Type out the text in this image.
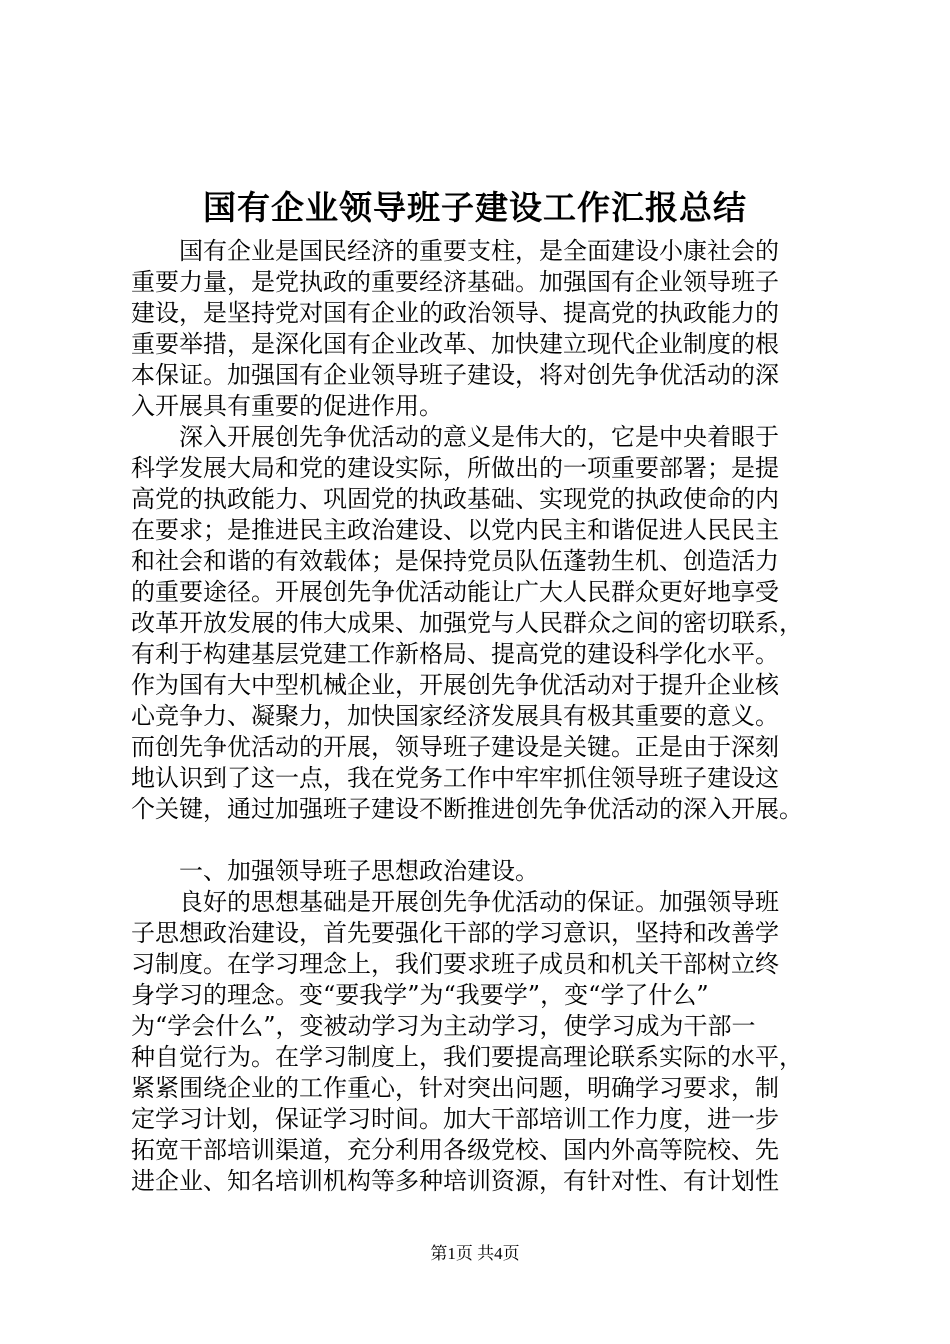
国有企业领导班子建设工作汇报总结

　　国有企业是国民经济的重要支柱，是全面建设小康社会的

重要力量，是党执政的重要经济基础。加强国有企业领导班子

建设，是坚持党对国有企业的政治领导、提高党的执政能力的

重要举措，是深化国有企业改革、加快建立现代企业制度的根

本保证。加强国有企业领导班子建设，将对创先争优活动的深

入开展具有重要的促进作用。

　　深入开展创先争优活动的意义是伟大的，它是中央着眼于

科学发展大局和党的建设实际，所做出的一项重要部署；是提

高党的执政能力、巩固党的执政基础、实现党的执政使命的内

在要求；是推进民主政治建设、以党内民主和谐促进人民民主

和社会和谐的有效载体；是保持党员队伍蓬勃生机、创造活力

的重要途径。开展创先争优活动能让广大人民群众更好地享受

改革开放发展的伟大成果、加强党与人民群众之间的密切联系，

有利于构建基层党建工作新格局、提高党的建设科学化水平。

作为国有大中型机械企业，开展创先争优活动对于提升企业核

心竞争力、凝聚力，加快国家经济发展具有极其重要的意义。

而创先争优活动的开展，领导班子建设是关键。正是由于深刻

地认识到了这一点，我在党务工作中牢牢抓住领导班子建设这

个关键，通过加强班子建设不断推进创先争优活动的深入开展。

　　一、加强领导班子思想政治建设。

　　良好的思想基础是开展创先争优活动的保证。加强领导班

子思想政治建设，首先要强化干部的学习意识，坚持和改善学

习制度。在学习理念上，我们要求班子成员和机关干部树立终

身学习的理念。变“要我学”为“我要学”，变“学了什么”

为“学会什么”，变被动学习为主动学习，使学习成为干部一

种自觉行为。在学习制度上，我们要提高理论联系实际的水平，

紧紧围绕企业的工作重心，针对突出问题，明确学习要求，制

定学习计划，保证学习时间。加大干部培训工作力度，进一步

拓宽干部培训渠道，充分利用各级党校、国内外高等院校、先

进企业、知名培训机构等多种培训资源，有针对性、有计划性

第1页 共4页
